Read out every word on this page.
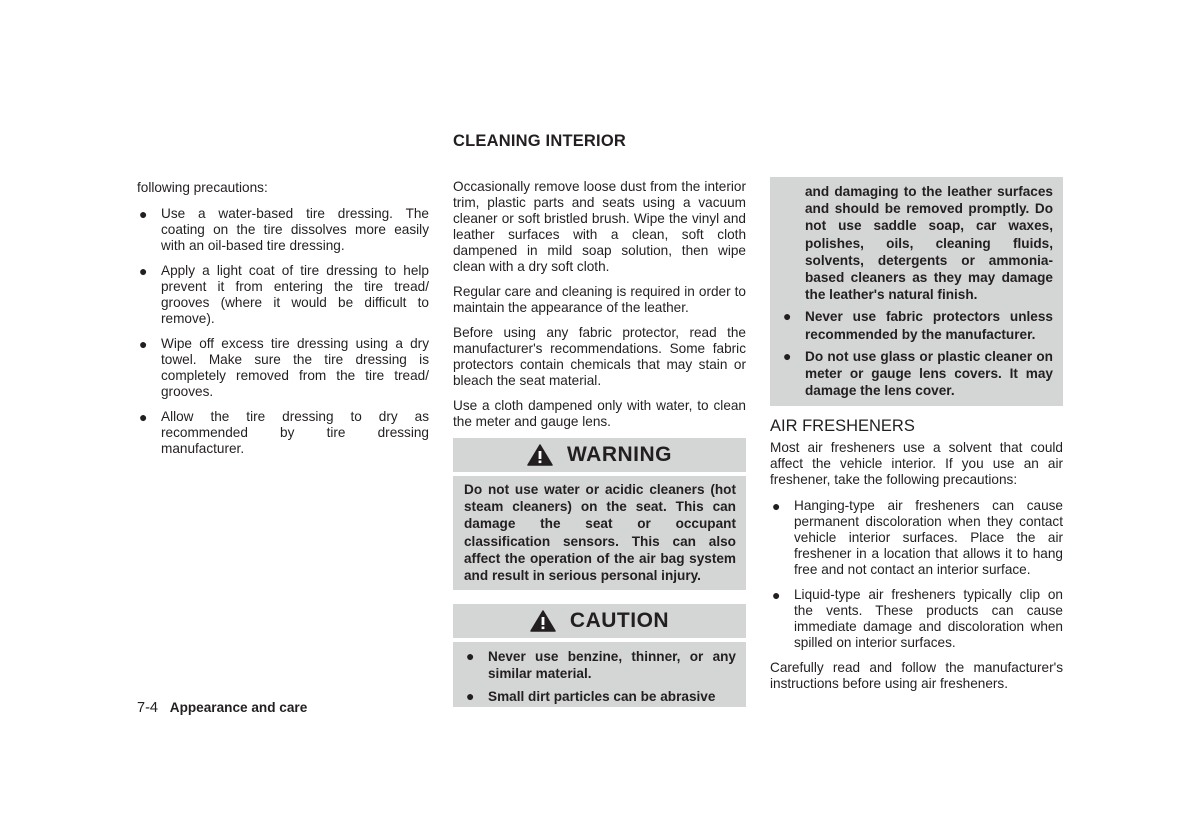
CLEANING INTERIOR

following precautions:

● Use a water-based tire dressing. The coating on the tire dissolves more easily with an oil-based tire dressing.
● Apply a light coat of tire dressing to help prevent it from entering the tire tread/ grooves (where it would be difficult to remove).
● Wipe off excess tire dressing using a dry towel. Make sure the tire dressing is completely removed from the tire tread/ grooves.
● Allow the tire dressing to dry as recommended by tire dressing manufacturer.

Occasionally remove loose dust from the interior trim, plastic parts and seats using a vacuum cleaner or soft bristled brush. Wipe the vinyl and leather surfaces with a clean, soft cloth dampened in mild soap solution, then wipe clean with a dry soft cloth.

Regular care and cleaning is required in order to maintain the appearance of the leather.

Before using any fabric protector, read the manufacturer's recommendations. Some fabric protectors contain chemicals that may stain or bleach the seat material.

Use a cloth dampened only with water, to clean the meter and gauge lens.

WARNING

Do not use water or acidic cleaners (hot steam cleaners) on the seat. This can damage the seat or occupant classification sensors. This can also affect the operation of the air bag system and result in serious personal injury.

CAUTION
● Never use benzine, thinner, or any similar material.
● Small dirt particles can be abrasive

and damaging to the leather surfaces and should be removed promptly. Do not use saddle soap, car waxes, polishes, oils, cleaning fluids, solvents, detergents or ammonia-based cleaners as they may damage the leather's natural finish.

● Never use fabric protectors unless recommended by the manufacturer.
● Do not use glass or plastic cleaner on meter or gauge lens covers. It may damage the lens cover.

AIR FRESHENERS

Most air fresheners use a solvent that could affect the vehicle interior. If you use an air freshener, take the following precautions:

● Hanging-type air fresheners can cause permanent discoloration when they contact vehicle interior surfaces. Place the air freshener in a location that allows it to hang free and not contact an interior surface.
● Liquid-type air fresheners typically clip on the vents. These products can cause immediate damage and discoloration when spilled on interior surfaces.

Carefully read and follow the manufacturer's instructions before using air fresheners.

7-4 Appearance and care
